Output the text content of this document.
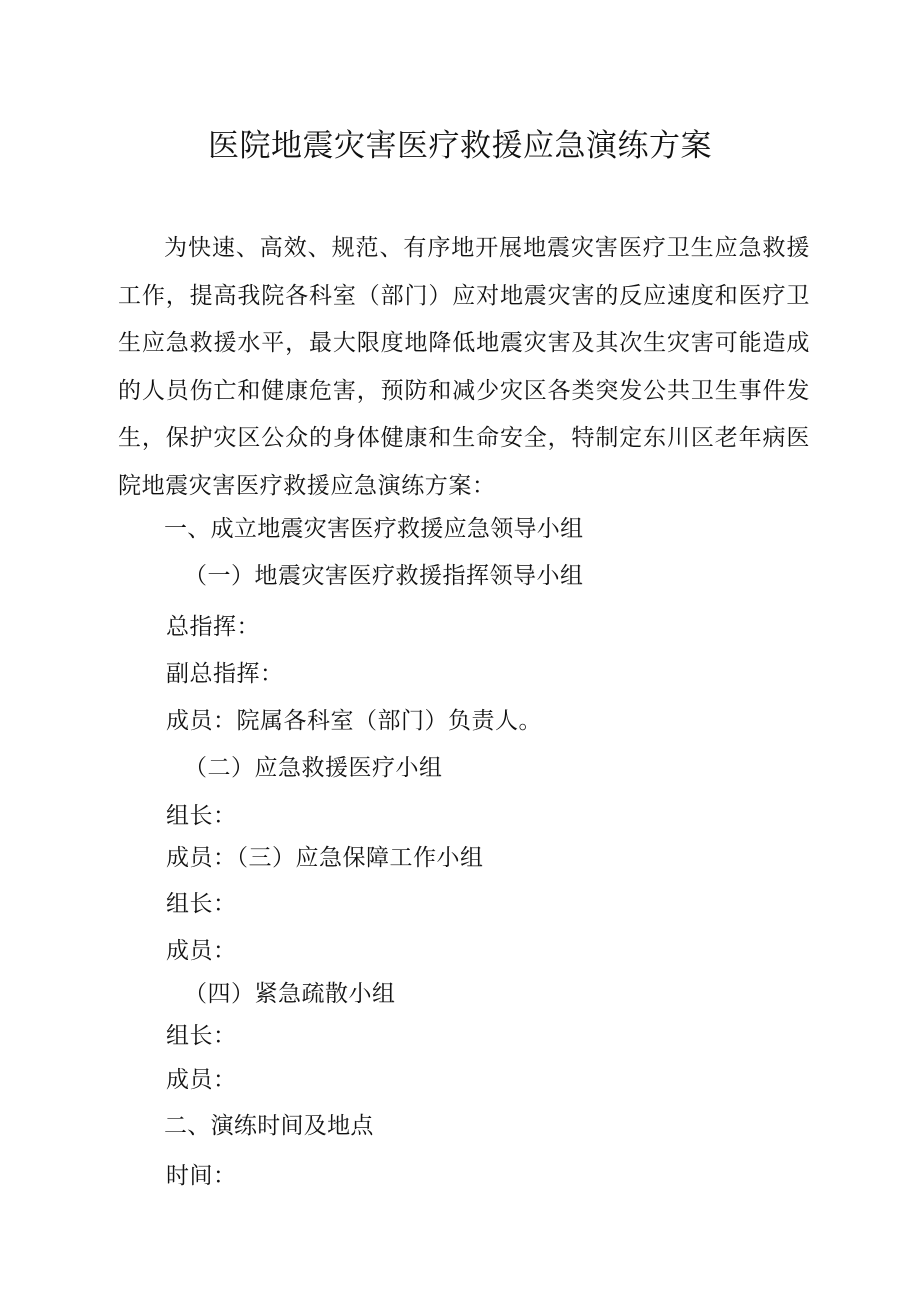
医院地震灾害医疗救援应急演练方案

为快速、高效、规范、有序地开展地震灾害医疗卫生应急救援工作，提高我院各科室（部门）应对地震灾害的反应速度和医疗卫生应急救援水平，最大限度地降低地震灾害及其次生灾害可能造成的人员伤亡和健康危害，预防和减少灾区各类突发公共卫生事件发生，保护灾区公众的身体健康和生命安全，特制定东川区老年病医院地震灾害医疗救援应急演练方案：

一、成立地震灾害医疗救援应急领导小组
（一）地震灾害医疗救援指挥领导小组
总指挥：
副总指挥：
成员：院属各科室（部门）负责人。
（二）应急救援医疗小组
组长：
成员：（三）应急保障工作小组
组长：
成员：
（四）紧急疏散小组
组长：
成员：
二、演练时间及地点
时间：
